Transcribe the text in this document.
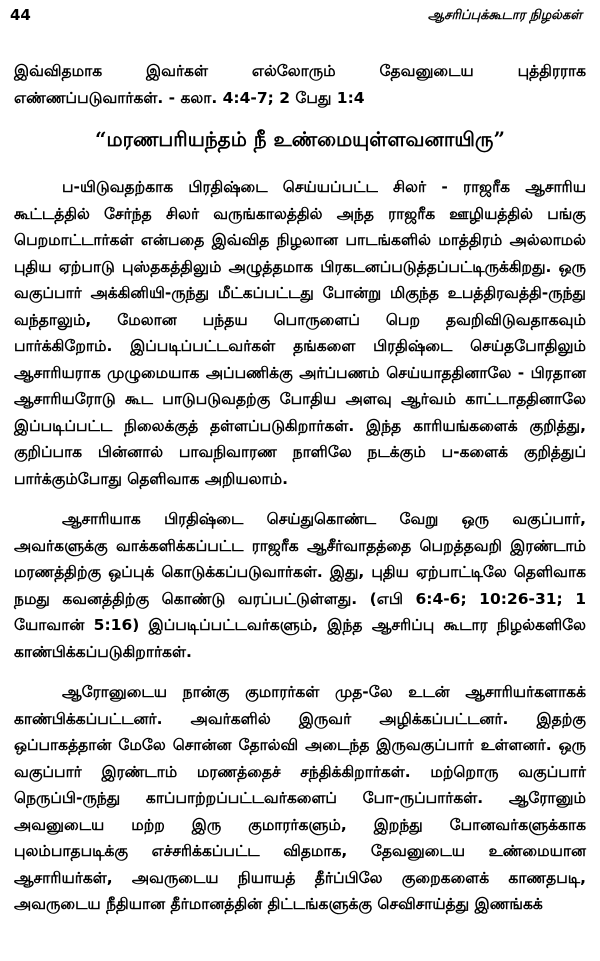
44	ஆசரிப்புக்கூடார நிழல்கள்

இவ்விதமாக இவர்கள் எல்லோரும் தேவனுடைய புத்திரராக எண்ணப்படுவார்கள். - கலா. 4:4-7; 2 பேது 1:4

“மரணபரியந்தம் நீ உண்மையுள்ளவனாயிரு”

ப-யிடுவதற்காக பிரதிஷ்டை செய்யப்பட்ட சிலர் - ராஜரீக ஆசாரிய கூட்டத்தில் சேர்ந்த சிலர் வருங்காலத்தில் அந்த ராஜரீக ஊழியத்தில் பங்கு பெறமாட்டார்கள் என்பதை இவ்வித நிழலான பாடங்களில் மாத்திரம் அல்லாமல் புதிய ஏற்பாடு புஸ்தகத்திலும் அழுத்தமாக பிரகடனப்படுத்தப்பட்டிருக்கிறது. ஒரு வகுப்பார் அக்கினியி-ருந்து மீட்கப்பட்டது போன்று மிகுந்த உபத்திரவத்தி-ருந்து வந்தாலும், மேலான பந்தய பொருளைப் பெற தவறிவிடுவதாகவும் பார்க்கிறோம். இப்படிப்பட்டவர்கள் தங்களை பிரதிஷ்டை செய்தபோதிலும் ஆசாரியராக முழுமையாக அப்பணிக்கு அர்ப்பணம் செய்யாததினாலே - பிரதான ஆசாரியரோடு கூட பாடுபடுவதற்கு போதிய அளவு ஆர்வம் காட்டாததினாலே இப்படிப்பட்ட நிலைக்குத் தள்ளப்படுகிறார்கள். இந்த காரியங்களைக் குறித்து, குறிப்பாக பின்னால் பாவநிவாரண நாளிலே நடக்கும் ப-களைக் குறித்துப் பார்க்கும்போது தெளிவாக அறியலாம்.

ஆசாரியாக பிரதிஷ்டை செய்துகொண்ட வேறு ஒரு வகுப்பார், அவர்களுக்கு வாக்களிக்கப்பட்ட ராஜரீக ஆசீர்வாதத்தை பெறத்தவறி இரண்டாம் மரணத்திற்கு ஒப்புக் கொடுக்கப்படுவார்கள். இது, புதிய ஏற்பாட்டிலே தெளிவாக நமது கவனத்திற்கு கொண்டு வரப்பட்டுள்ளது. (எபி 6:4-6; 10:26-31; 1 யோவான் 5:16) இப்படிப்பட்டவர்களும், இந்த ஆசரிப்பு கூடார நிழல்களிலே காண்பிக்கப்படுகிறார்கள்.

ஆரோனுடைய நான்கு குமாரர்கள் முத-லே உடன் ஆசாரியர்களாகக் காண்பிக்கப்பட்டனர். அவர்களில் இருவர் அழிக்கப்பட்டனர். இதற்கு ஒப்பாகத்தான் மேலே சொன்ன தோல்வி அடைந்த இருவகுப்பார் உள்ளனர். ஒரு வகுப்பார் இரண்டாம் மரணத்தைச் சந்திக்கிறார்கள். மற்றொரு வகுப்பார் நெருப்பி-ருந்து காப்பாற்றப்பட்டவர்களைப் போ-ருப்பார்கள். ஆரோனும் அவனுடைய மற்ற இரு குமாரர்களும், இறந்து போனவர்களுக்காக புலம்பாதபடிக்கு எச்சரிக்கப்பட்ட விதமாக, தேவனுடைய உண்மையான ஆசாரியர்கள், அவருடைய நியாயத் தீர்ப்பிலே குறைகளைக் காணதபடி, அவருடைய நீதியான தீர்மானத்தின் திட்டங்களுக்கு செவிசாய்த்து இணங்கக்
